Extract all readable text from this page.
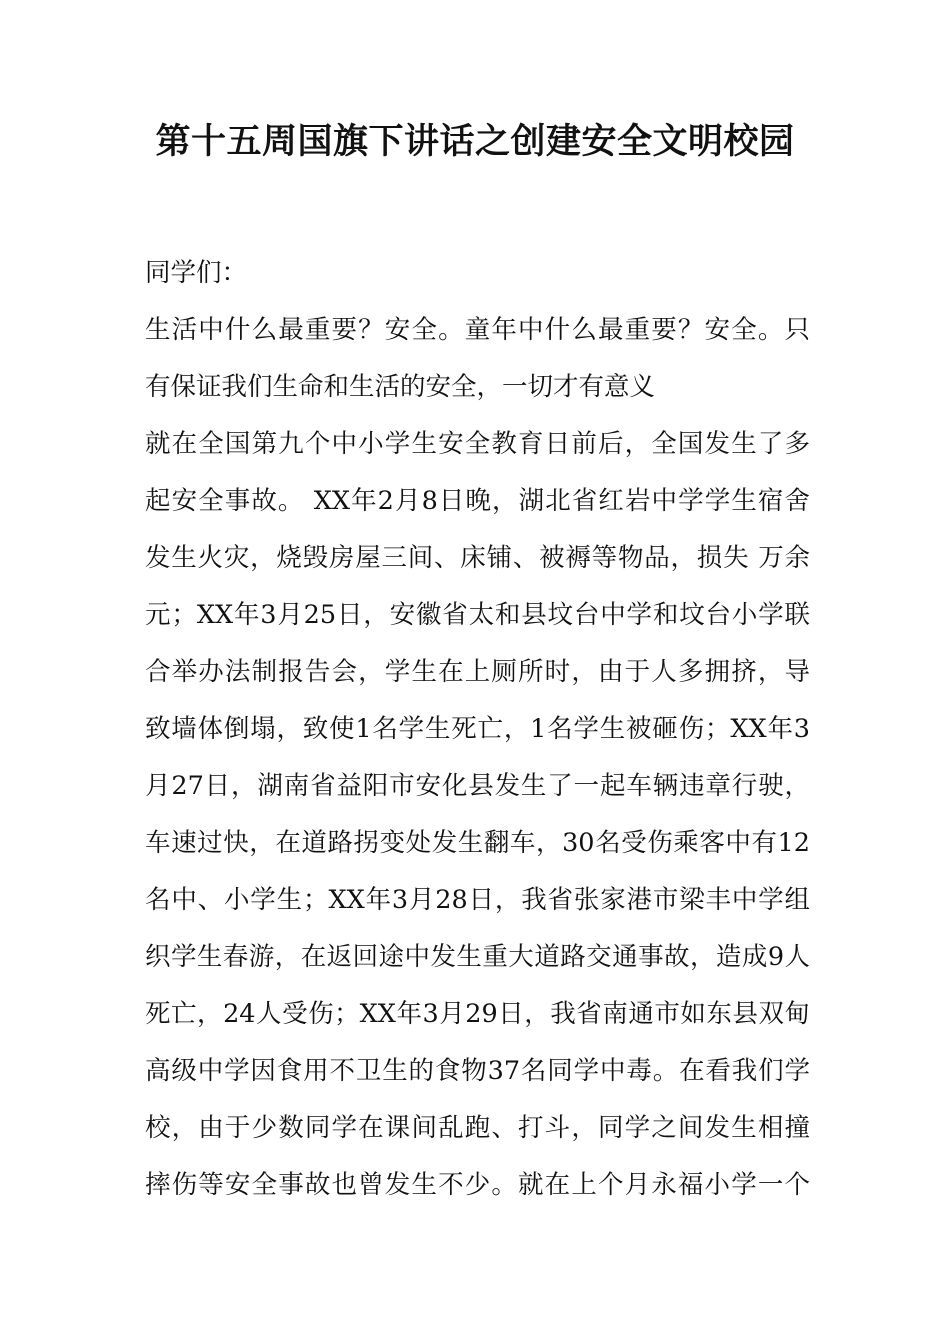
第十五周国旗下讲话之创建安全文明校园
同学们：
生活中什么最重要？安全。童年中什么最重要？安全。只
有保证我们生命和生活的安全，一切才有意义
就在全国第九个中小学生安全教育日前后，全国发生了多
起安全事故。 XX年2月8日晚，湖北省红岩中学学生宿舍
发生火灾，烧毁房屋三间、床铺、被褥等物品，损失 万余
元；XX年3月25日，安徽省太和县坟台中学和坟台小学联
合举办法制报告会，学生在上厕所时，由于人多拥挤，导
致墙体倒塌，致使1名学生死亡，1名学生被砸伤；XX年3
月27日，湖南省益阳市安化县发生了一起车辆违章行驶，
车速过快，在道路拐变处发生翻车，30名受伤乘客中有12
名中、小学生；XX年3月28日，我省张家港市梁丰中学组
织学生春游，在返回途中发生重大道路交通事故，造成9人
死亡，24人受伤；XX年3月29日，我省南通市如东县双甸
高级中学因食用不卫生的食物37名同学中毒。在看我们学
校，由于少数同学在课间乱跑、打斗，同学之间发生相撞
摔伤等安全事故也曾发生不少。就在上个月永福小学一个
